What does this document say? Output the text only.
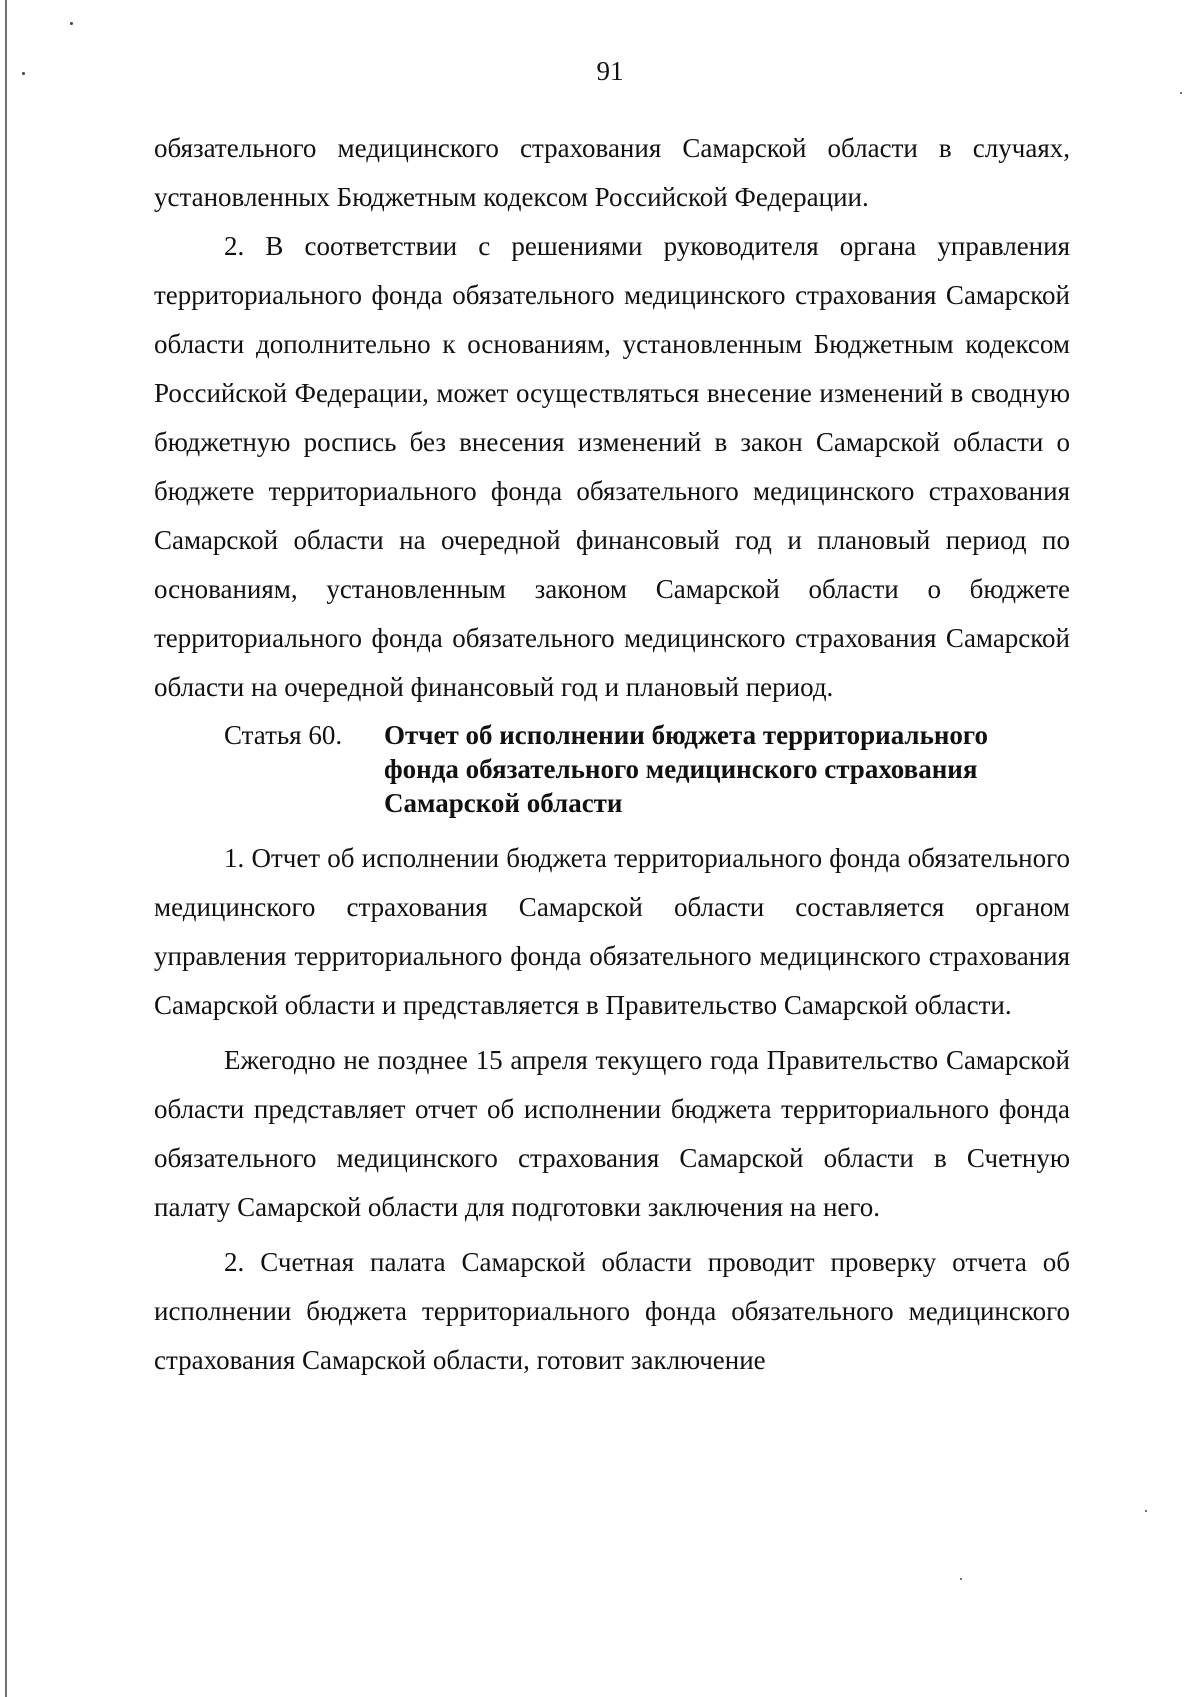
91

обязательного медицинского страхования Самарской области в случаях, установленных Бюджетным кодексом Российской Федерации.

2. В соответствии с решениями руководителя органа управления территориального фонда обязательного медицинского страхования Самарской области дополнительно к основаниям, установленным Бюджетным кодексом Российской Федерации, может осуществляться внесение изменений в сводную бюджетную роспись без внесения изменений в закон Самарской области о бюджете территориального фонда обязательного медицинского страхования Самарской области на очередной финансовый год и плановый период по основаниям, установленным законом Самарской области о бюджете территориального фонда обязательного медицинского страхования Самарской области на очередной финансовый год и плановый период.

Статья 60.	Отчет об исполнении бюджета территориального фонда обязательного медицинского страхования Самарской области

1. Отчет об исполнении бюджета территориального фонда обязательного медицинского страхования Самарской области составляется органом управления территориального фонда обязательного медицинского страхования Самарской области и представляется в Правительство Самарской области.

Ежегодно не позднее 15 апреля текущего года Правительство Самарской области представляет отчет об исполнении бюджета территориального фонда обязательного медицинского страхования Самарской области в Счетную палату Самарской области для подготовки заключения на него.

2. Счетная палата Самарской области проводит проверку отчета об исполнении бюджета территориального фонда обязательного медицинского страхования Самарской области, готовит заключение
